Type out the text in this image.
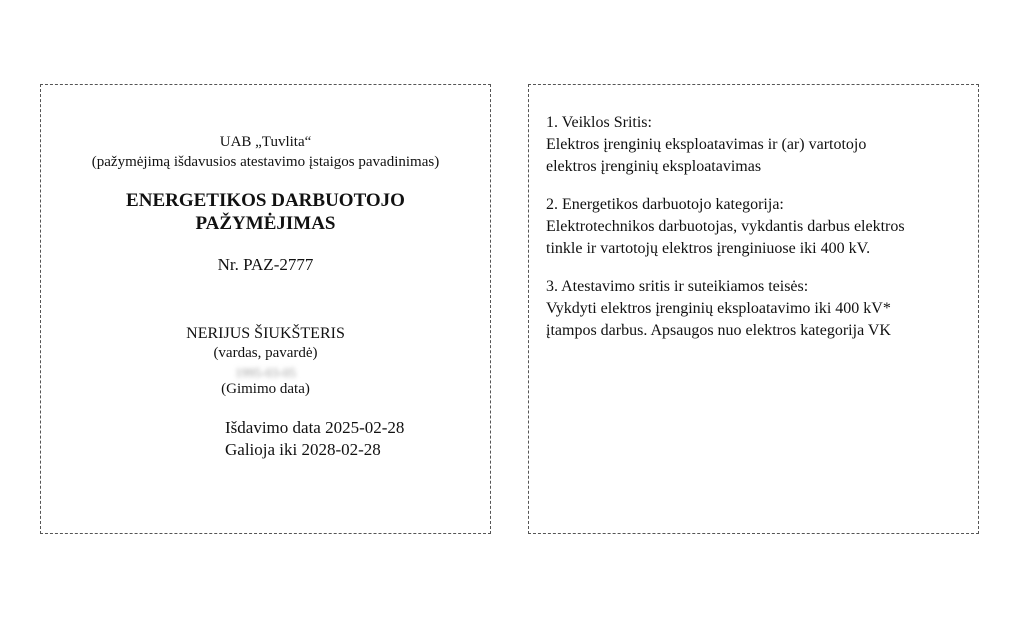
UAB „Tuvlita“
(pažymėjimą išdavusios atestavimo įstaigos pavadinimas)
ENERGETIKOS DARBUOTOJO
PAŽYMĖJIMAS
Nr. PAZ-2777
NERIJUS ŠIUKŠTERIS
(vardas, pavardė)
1995-03-05
(Gimimo data)
Išdavimo data 2025-02-28
Galioja iki 2028-02-28
1. Veiklos Sritis:
Elektros įrenginių eksploatavimas ir (ar) vartotojo
elektros įrenginių eksploatavimas
2. Energetikos darbuotojo kategorija:
Elektrotechnikos darbuotojas, vykdantis darbus elektros
tinkle ir vartotojų elektros įrenginiuose iki 400 kV.
3. Atestavimo sritis ir suteikiamos teisės:
Vykdyti elektros įrenginių eksploatavimo iki 400 kV*
įtampos darbus. Apsaugos nuo elektros kategorija VK
